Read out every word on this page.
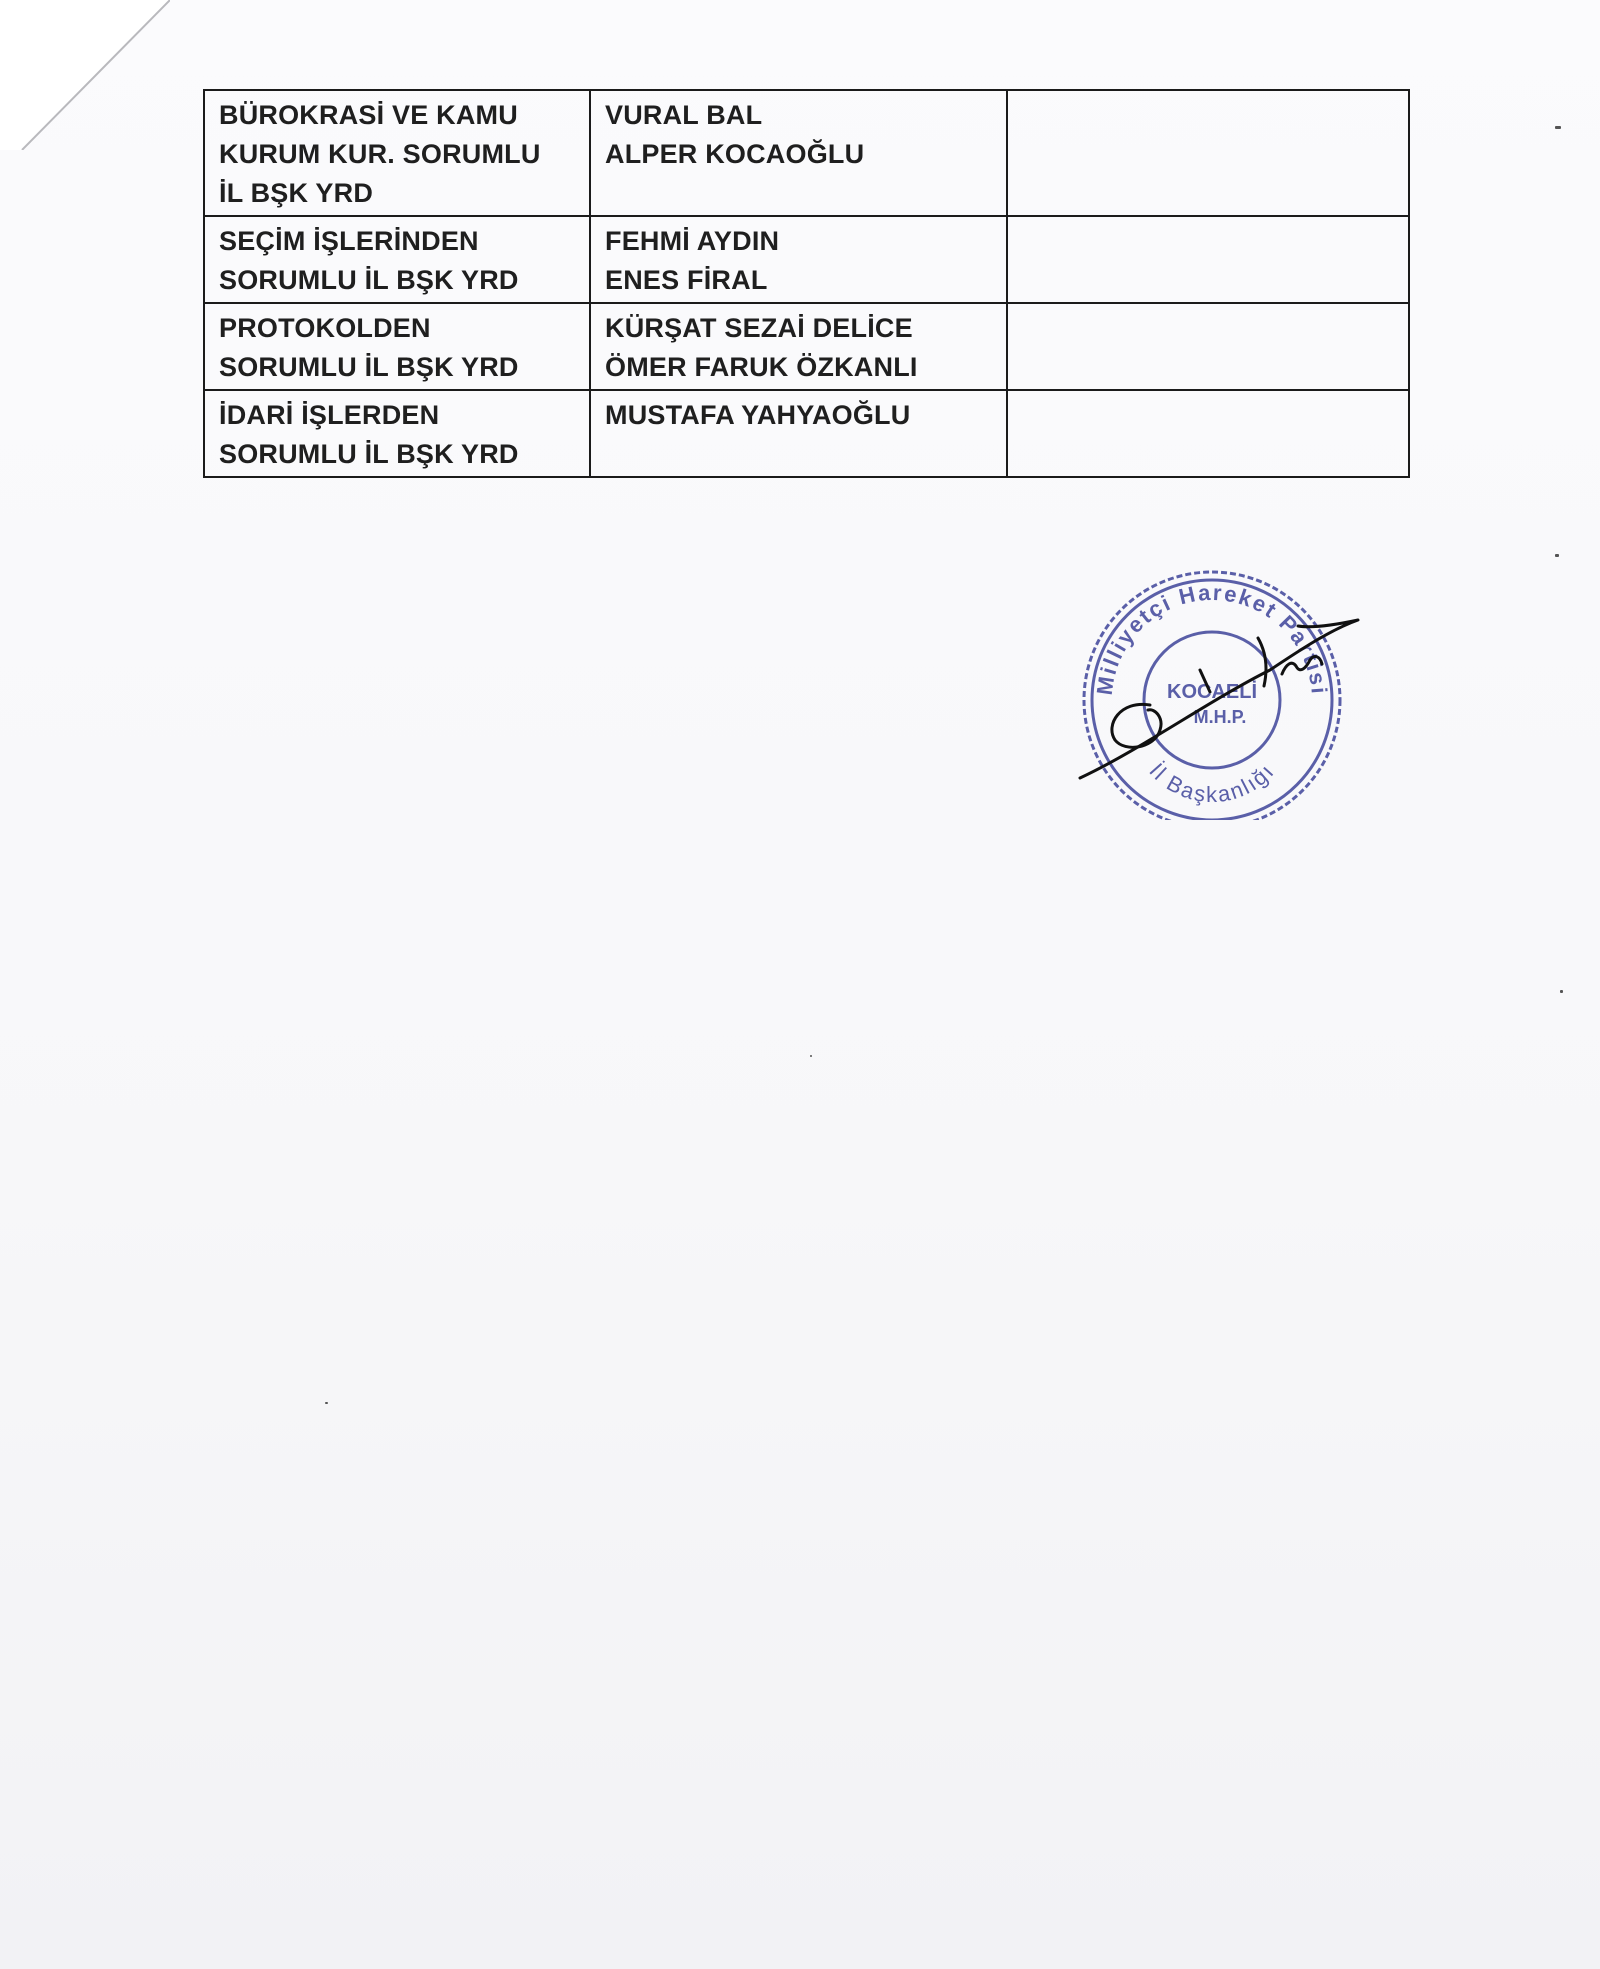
BÜROKRASİ VE KAMU
KURUM KUR. SORUMLU
İL BŞK YRD	VURAL BAL
ALPER KOCAOĞLU	

SEÇİM İŞLERİNDEN
SORUMLU İL BŞK YRD	FEHMİ AYDIN
ENES FİRAL	

PROTOKOLDEN
SORUMLU İL BŞK YRD	KÜRŞAT SEZAİ DELİCE
ÖMER FARUK ÖZKANLI	

İDARİ İŞLERDEN
SORUMLU İL BŞK YRD	MUSTAFA YAHYAOĞLU	

Milliyetçi Hareket Partisi
İl Başkanlığı
KOCAELİ
M.H.P.
